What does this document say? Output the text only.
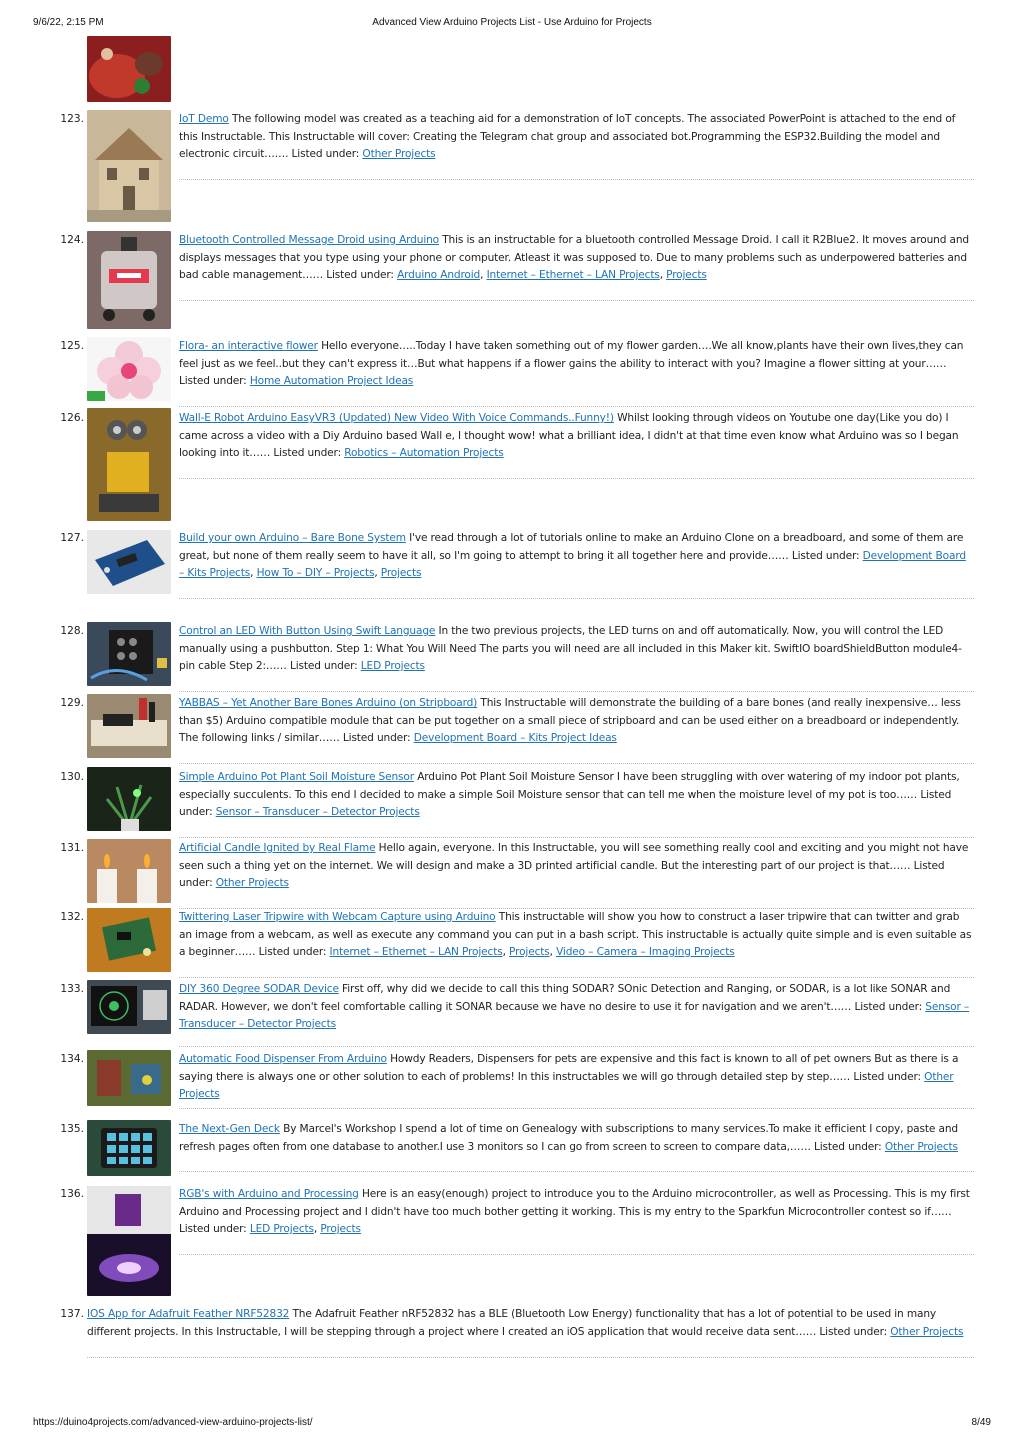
9/6/22, 2:15 PM	Advanced View Arduino Projects List - Use Arduino for Projects
123.	IoT Demo The following model was created as a teaching aid for a demonstration of IoT concepts. The associated PowerPoint is attached to the end of this Instructable. This Instructable will cover: Creating the Telegram chat group and associated bot.Programming the ESP32.Building the model and electronic circuit……. Listed under: Other Projects

124.	Bluetooth Controlled Message Droid using Arduino This is an instructable for a bluetooth controlled Message Droid. I call it R2Blue2. It moves around and displays messages that you type using your phone or computer. Atleast it was supposed to. Due to many problems such as underpowered batteries and bad cable management…… Listed under: Arduino Android, Internet – Ethernet – LAN Projects, Projects

125.	Flora- an interactive flower Hello everyone…..Today I have taken something out of my flower garden….We all know,plants have their own lives,they can feel just as we feel..but they can't express it…But what happens if a flower gains the ability to interact with you? Imagine a flower sitting at your…… Listed under: Home Automation Project Ideas

126.	Wall-E Robot Arduino EasyVR3 (Updated) New Video With Voice Commands..Funny!) Whilst looking through videos on Youtube one day(Like you do) I came across a video with a Diy Arduino based Wall e, I thought wow! what a brilliant idea, I didn't at that time even know what Arduino was so I began looking into it…… Listed under: Robotics – Automation Projects

127.	Build your own Arduino – Bare Bone System I've read through a lot of tutorials online to make an Arduino Clone on a breadboard, and some of them are great, but none of them really seem to have it all, so I'm going to attempt to bring it all together here and provide…… Listed under: Development Board – Kits Projects, How To – DIY – Projects, Projects

128.	Control an LED With Button Using Swift Language In the two previous projects, the LED turns on and off automatically. Now, you will control the LED manually using a pushbutton. Step 1: What You Will Need The parts you will need are all included in this Maker kit. SwiftIO boardShieldButton module4-pin cable Step 2:…… Listed under: LED Projects

129.	YABBAS – Yet Another Bare Bones Arduino (on Stripboard) This Instructable will demonstrate the building of a bare bones (and really inexpensive… less than $5) Arduino compatible module that can be put together on a small piece of stripboard and can be used either on a breadboard or independently. The following links / similar…… Listed under: Development Board – Kits Project Ideas

130.	Simple Arduino Pot Plant Soil Moisture Sensor Arduino Pot Plant Soil Moisture Sensor I have been struggling with over watering of my indoor pot plants, especially succulents. To this end I decided to make a simple Soil Moisture sensor that can tell me when the moisture level of my pot is too…… Listed under: Sensor – Transducer – Detector Projects

131.	Artificial Candle Ignited by Real Flame Hello again, everyone. In this Instructable, you will see something really cool and exciting and you might not have seen such a thing yet on the internet. We will design and make a 3D printed artificial candle. But the interesting part of our project is that…… Listed under: Other Projects

132.	Twittering Laser Tripwire with Webcam Capture using Arduino This instructable will show you how to construct a laser tripwire that can twitter and grab an image from a webcam, as well as execute any command you can put in a bash script. This instructable is actually quite simple and is even suitable as a beginner…… Listed under: Internet – Ethernet – LAN Projects, Projects, Video – Camera – Imaging Projects

133.	DIY 360 Degree SODAR Device First off, why did we decide to call this thing SODAR? SOnic Detection and Ranging, or SODAR, is a lot like SONAR and RADAR. However, we don't feel comfortable calling it SONAR because we have no desire to use it for navigation and we aren't…… Listed under: Sensor – Transducer – Detector Projects

134.	Automatic Food Dispenser From Arduino Howdy Readers, Dispensers for pets are expensive and this fact is known to all of pet owners But as there is a saying there is always one or other solution to each of problems! In this instructables we will go through detailed step by step…… Listed under: Other Projects

135.	The Next-Gen Deck By Marcel's Workshop I spend a lot of time on Genealogy with subscriptions to many services.To make it efficient I copy, paste and refresh pages often from one database to another.I use 3 monitors so I can go from screen to screen to compare data,…… Listed under: Other Projects

136.	RGB's with Arduino and Processing Here is an easy(enough) project to introduce you to the Arduino microcontroller, as well as Processing. This is my first Arduino and Processing project and I didn't have too much bother getting it working. This is my entry to the Sparkfun Microcontroller contest so if…… Listed under: LED Projects, Projects

137. IOS App for Adafruit Feather NRF52832 The Adafruit Feather nRF52832 has a BLE (Bluetooth Low Energy) functionality that has a lot of potential to be used in many different projects. In this Instructable, I will be stepping through a project where I created an iOS application that would receive data sent…… Listed under: Other Projects

https://duino4projects.com/advanced-view-arduino-projects-list/	8/49
